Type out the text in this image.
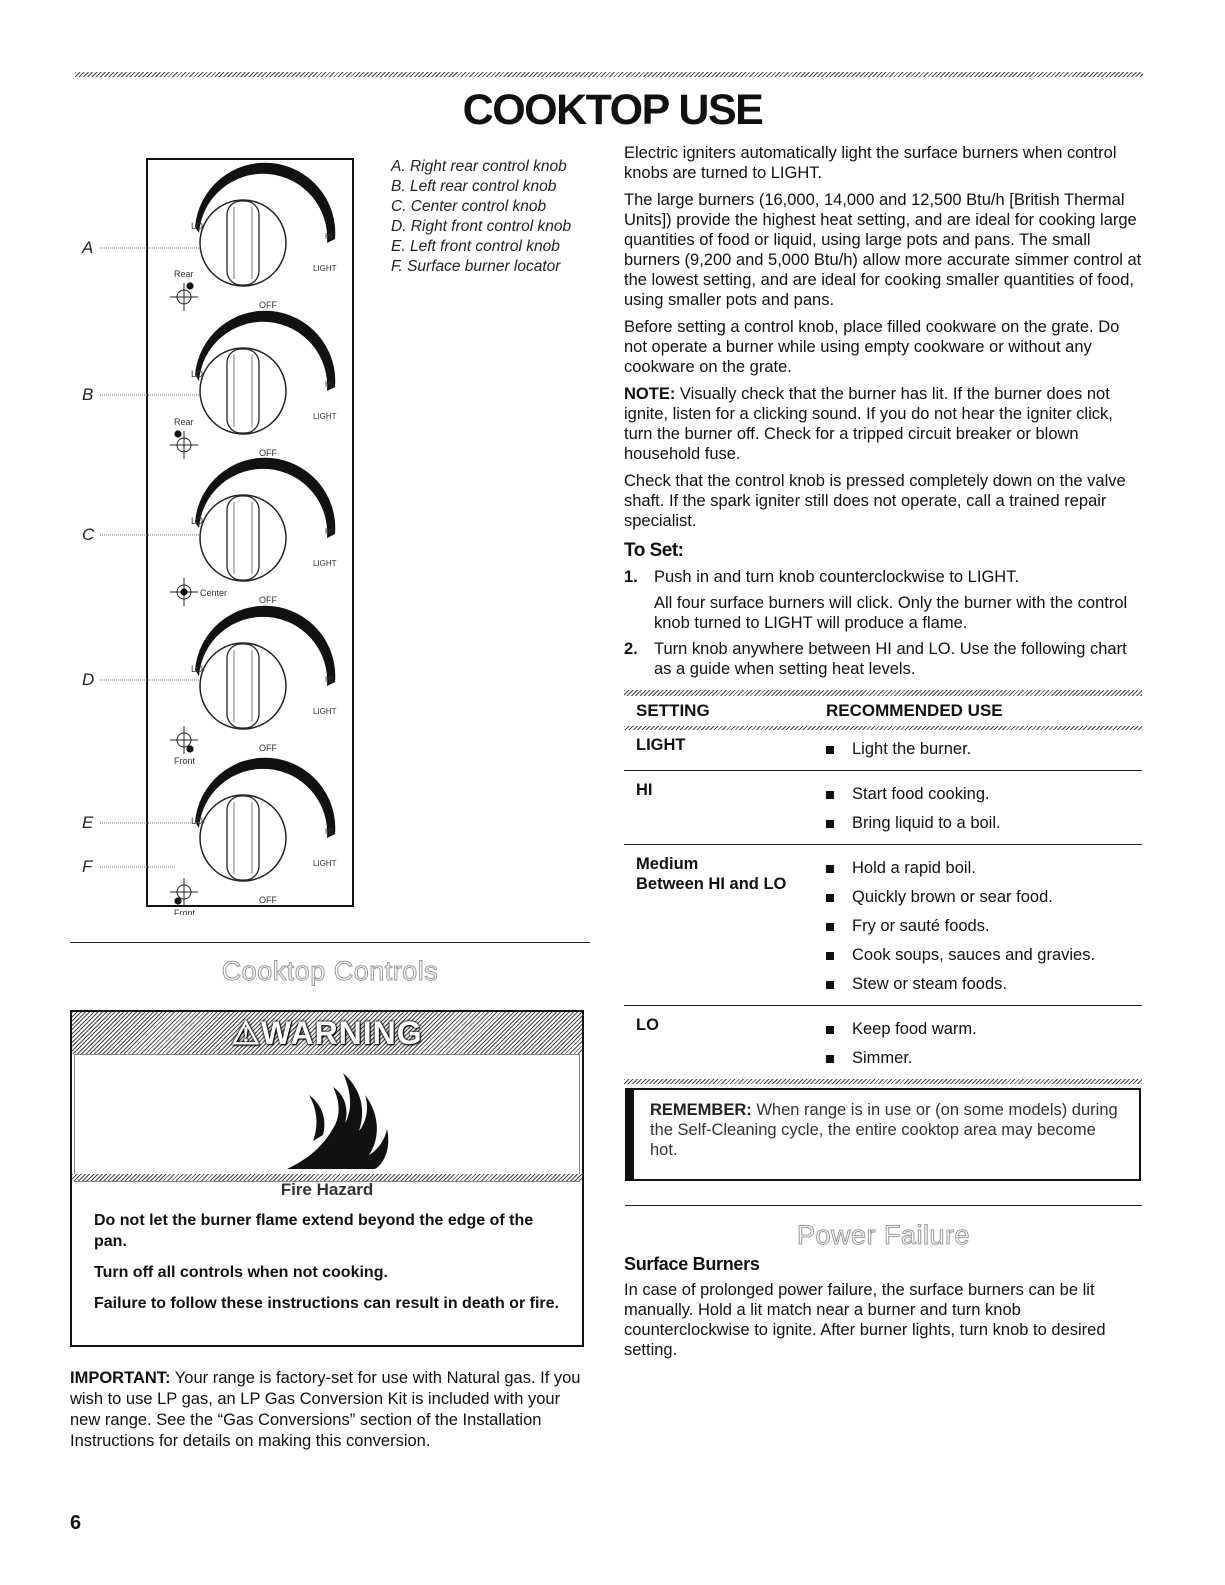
COOKTOP USE
LO
HI
LIGHT
OFF
A
Rear
LO
HI
LIGHT
OFF
B
Rear
LO
HI
LIGHT
OFF
C
Center
LO
HI
LIGHT
OFF
D
Front
LO
HI
LIGHT
OFF
E
Front
F
A. Right rear control knob
B. Left rear control knob
C. Center control knob
D. Right front control knob
E. Left front control knob
F. Surface burner locator
Cooktop Controls
⚠WARNING
Fire Hazard

Do not let the burner flame extend beyond the edge of the pan.

Turn off all controls when not cooking.

Failure to follow these instructions can result in death or fire.

IMPORTANT: Your range is factory-set for use with Natural gas. If you wish to use LP gas, an LP Gas Conversion Kit is included with your new range. See the “Gas Conversions” section of the Installation Instructions for details on making this conversion.

Electric igniters automatically light the surface burners when control knobs are turned to LIGHT.

The large burners (16,000, 14,000 and 12,500 Btu/h [British Thermal Units]) provide the highest heat setting, and are ideal for cooking large quantities of food or liquid, using large pots and pans. The small burners (9,200 and 5,000 Btu/h) allow more accurate simmer control at the lowest setting, and are ideal for cooking smaller quantities of food, using smaller pots and pans.

Before setting a control knob, place filled cookware on the grate. Do not operate a burner while using empty cookware or without any cookware on the grate.

NOTE: Visually check that the burner has lit. If the burner does not ignite, listen for a clicking sound. If you do not hear the igniter click, turn the burner off. Check for a tripped circuit breaker or blown household fuse.

Check that the control knob is pressed completely down on the valve shaft. If the spark igniter still does not operate, call a trained repair specialist.

To Set:
1. Push in and turn knob counterclockwise to LIGHT.
All four surface burners will click. Only the burner with the control knob turned to LIGHT will produce a flame.
2. Turn knob anywhere between HI and LO. Use the following chart as a guide when setting heat levels.
SETTING	RECOMMENDED USE
LIGHT	Light the burner.
HI	Start food cooking.
Bring liquid to a boil.
Medium
Between HI and LO
Hold a rapid boil.
Quickly brown or sear food.
Fry or sauté foods.
Cook soups, sauces and gravies.
Stew or steam foods.
LO	Keep food warm.
Simmer.
REMEMBER: When range is in use or (on some models) during the Self-Cleaning cycle, the entire cooktop area may become hot.
Power Failure
Surface Burners
In case of prolonged power failure, the surface burners can be lit manually. Hold a lit match near a burner and turn knob counterclockwise to ignite. After burner lights, turn knob to desired setting.
6
